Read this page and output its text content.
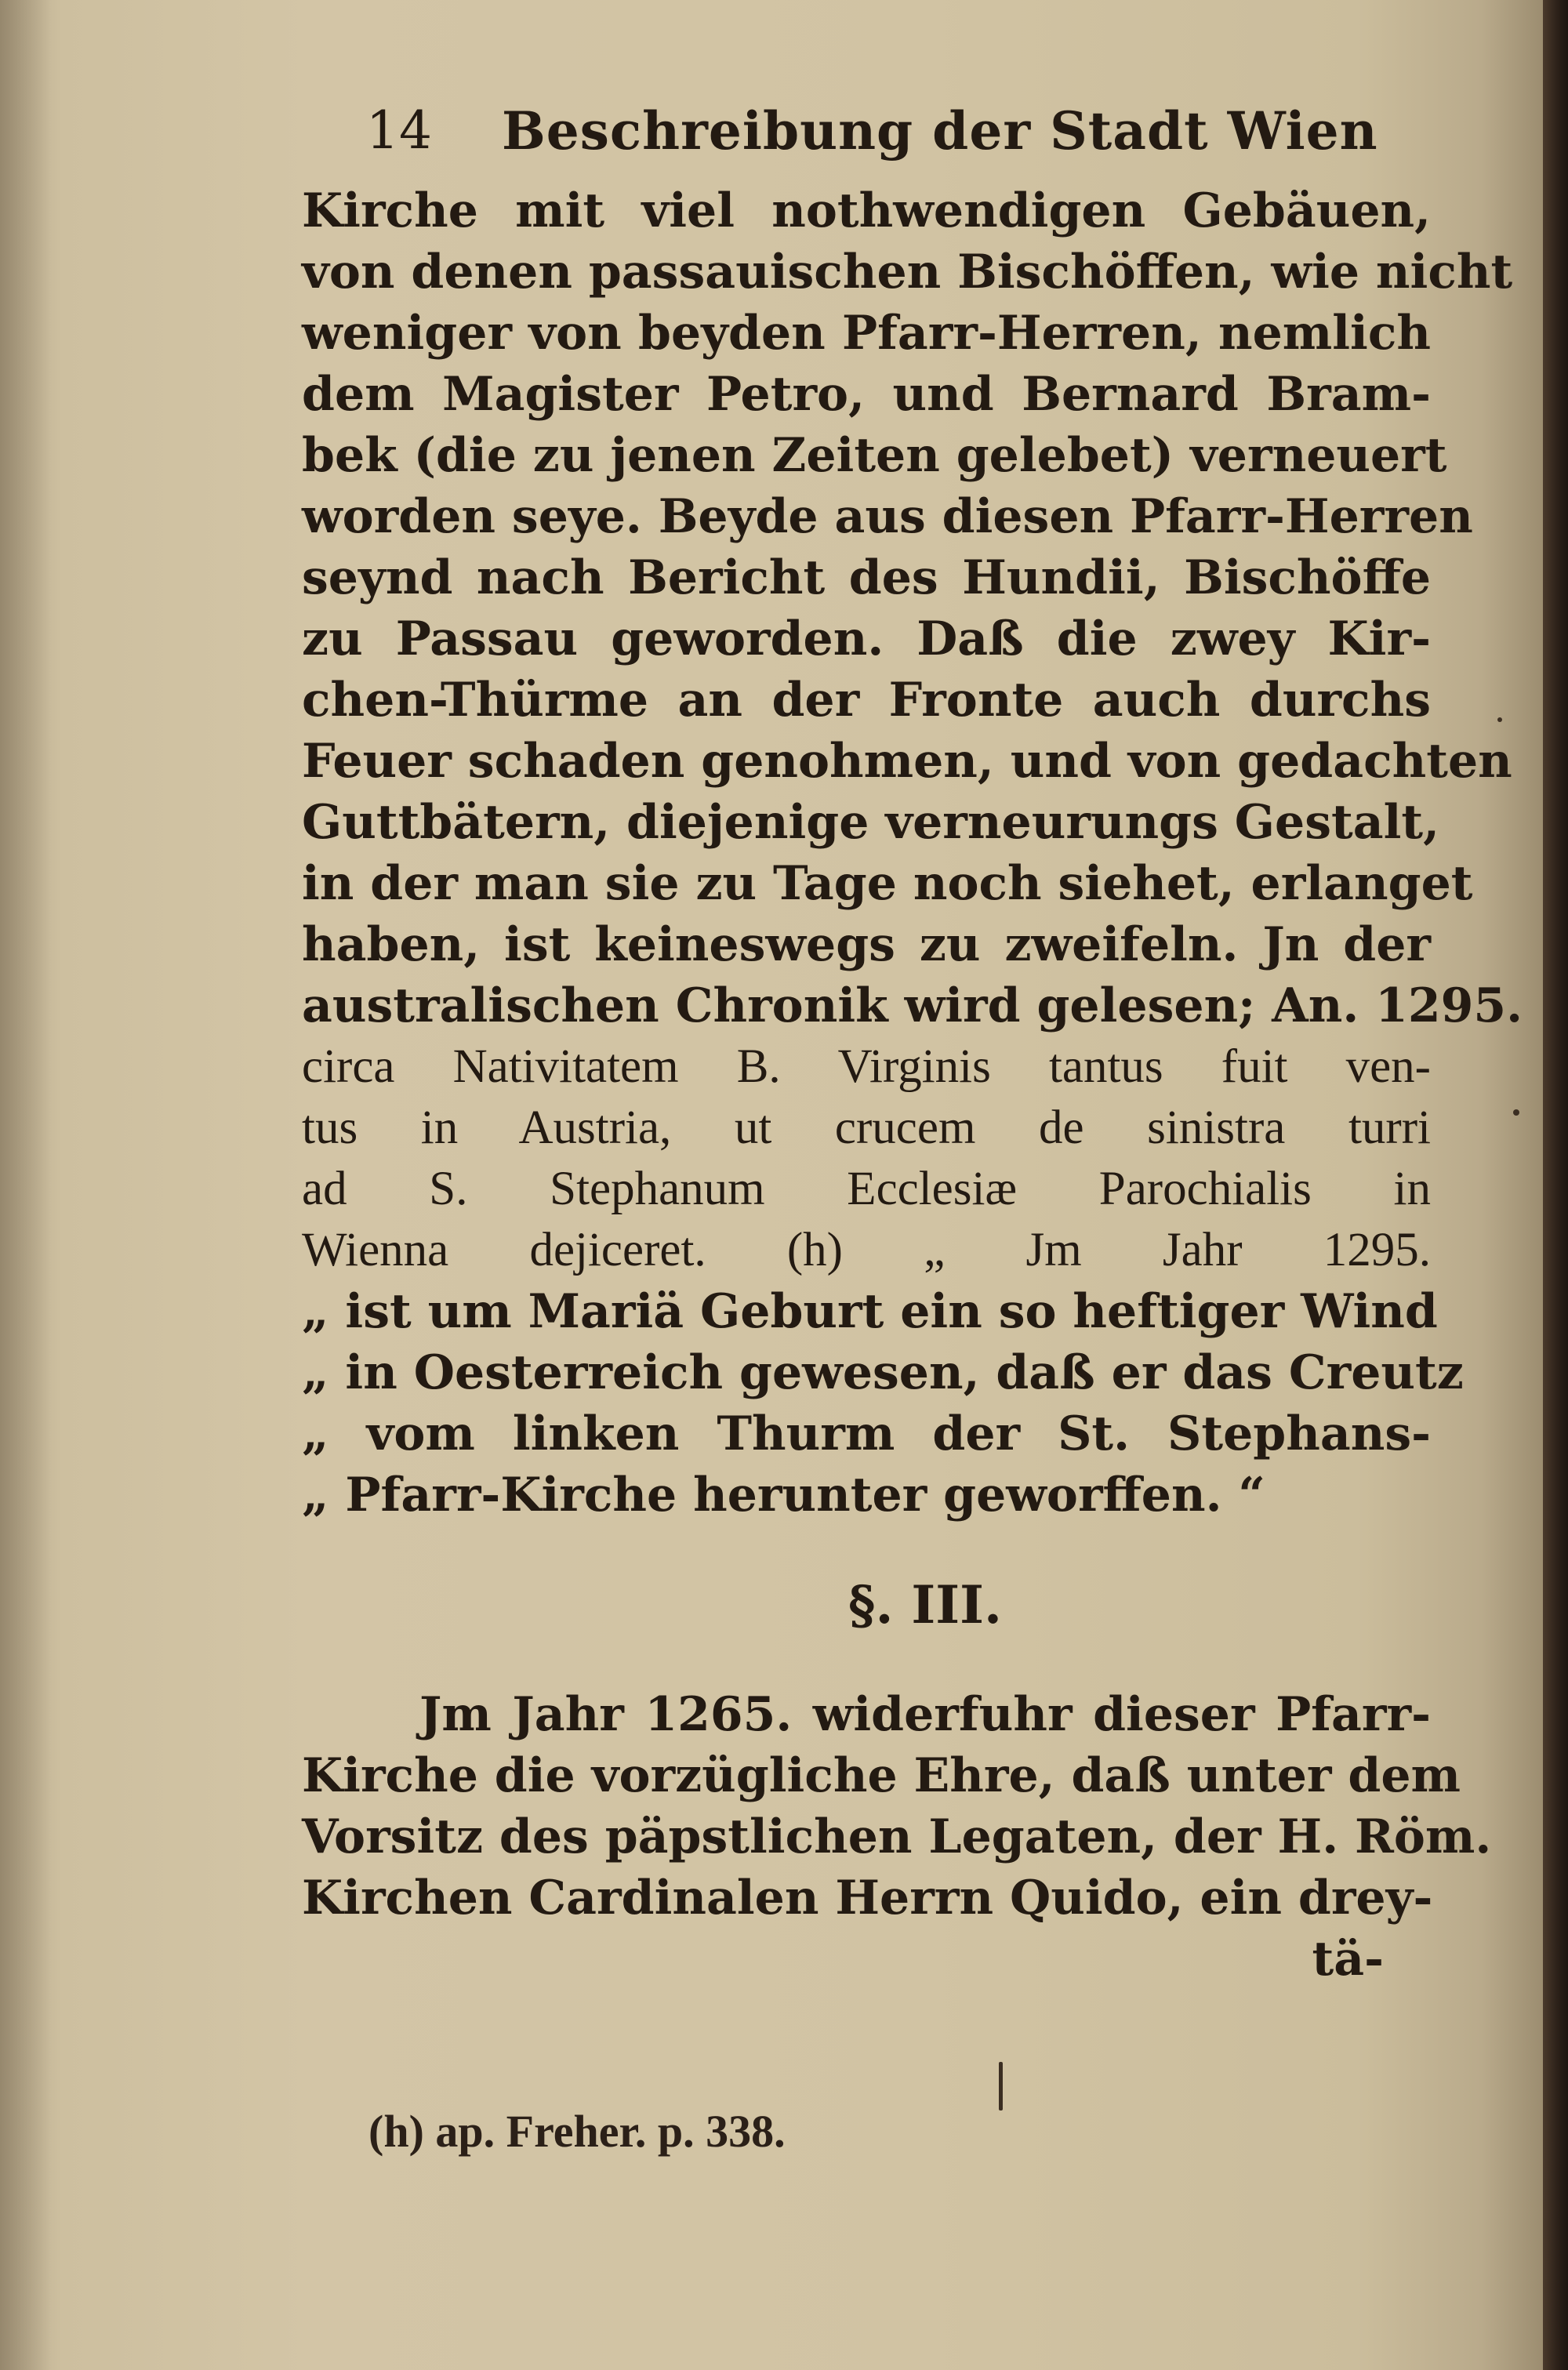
14 Beschreibung der Stadt Wien
Kirche mit viel nothwendigen Gebäuen,
von denen passauischen Bischöffen, wie nicht
weniger von beyden Pfarr-Herren, nemlich
dem Magister Petro, und Bernard Bram-
bek (die zu jenen Zeiten gelebet) verneuert
worden seye. Beyde aus diesen Pfarr-Herren
seynd nach Bericht des Hundii, Bischöffe
zu Passau geworden. Daß die zwey Kir-
chen-Thürme an der Fronte auch durchs
Feuer schaden genohmen, und von gedachten
Guttbätern, diejenige verneurungs Gestalt,
in der man sie zu Tage noch siehet, erlanget
haben, ist keineswegs zu zweifeln. Jn der
australischen Chronik wird gelesen; An. 1295.
circa Nativitatem B. Virginis tantus fuit ven-
tus in Austria, ut crucem de sinistra turri
ad S. Stephanum Ecclesiæ Parochialis in
Wienna dejiceret. (h) „ Jm Jahr 1295.
„ ist um Mariä Geburt ein so heftiger Wind
„ in Oesterreich gewesen, daß er das Creutz
„ vom linken Thurm der St. Stephans-
„ Pfarr-Kirche herunter geworffen. “
§. III.
Jm Jahr 1265. widerfuhr dieser Pfarr-
Kirche die vorzügliche Ehre, daß unter dem
Vorsitz des päpstlichen Legaten, der H. Röm.
Kirchen Cardinalen Herrn Quido, ein drey-
tä-
(h) ap. Freher. p. 338.
